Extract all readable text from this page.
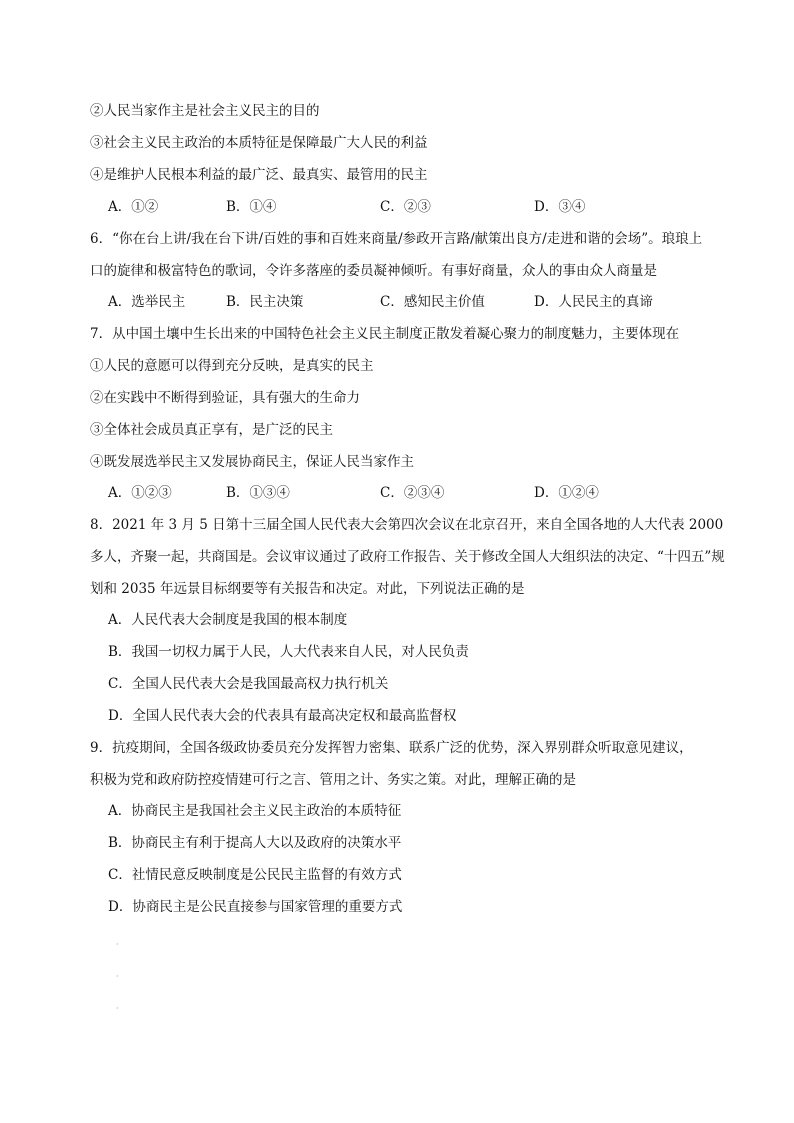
②人民当家作主是社会主义民主的目的
③社会主义民主政治的本质特征是保障最广大人民的利益
④是维护人民根本利益的最广泛、最真实、最管用的民主
A．①②	B．①④	C．②③	D．③④
6．“你在台上讲/我在台下讲/百姓的事和百姓来商量/参政开言路/献策出良方/走进和谐的会场”。琅琅上
口的旋律和极富特色的歌词，令许多落座的委员凝神倾听。有事好商量，众人的事由众人商量是
A．选举民主	B．民主决策	C．感知民主价值	D．人民民主的真谛
7．从中国土壤中生长出来的中国特色社会主义民主制度正散发着凝心聚力的制度魅力，主要体现在
①人民的意愿可以得到充分反映，是真实的民主
②在实践中不断得到验证，具有强大的生命力
③全体社会成员真正享有，是广泛的民主
④既发展选举民主又发展协商民主，保证人民当家作主
A．①②③	B．①③④	C．②③④	D．①②④
8．2021 年 3 月 5 日第十三届全国人民代表大会第四次会议在北京召开，来自全国各地的人大代表 2000
多人，齐聚一起，共商国是。会议审议通过了政府工作报告、关于修改全国人大组织法的决定、“十四五”规
划和 2035 年远景目标纲要等有关报告和决定。对此，下列说法正确的是
A．人民代表大会制度是我国的根本制度
B．我国一切权力属于人民，人大代表来自人民，对人民负责
C．全国人民代表大会是我国最高权力执行机关
D．全国人民代表大会的代表具有最高决定权和最高监督权
9．抗疫期间，全国各级政协委员充分发挥智力密集、联系广泛的优势，深入界别群众听取意见建议，
积极为党和政府防控疫情建可行之言、管用之计、务实之策。对此，理解正确的是
A．协商民主是我国社会主义民主政治的本质特征
B．协商民主有利于提高人大以及政府的决策水平
C．社情民意反映制度是公民民主监督的有效方式
D．协商民主是公民直接参与国家管理的重要方式
·
·
·
